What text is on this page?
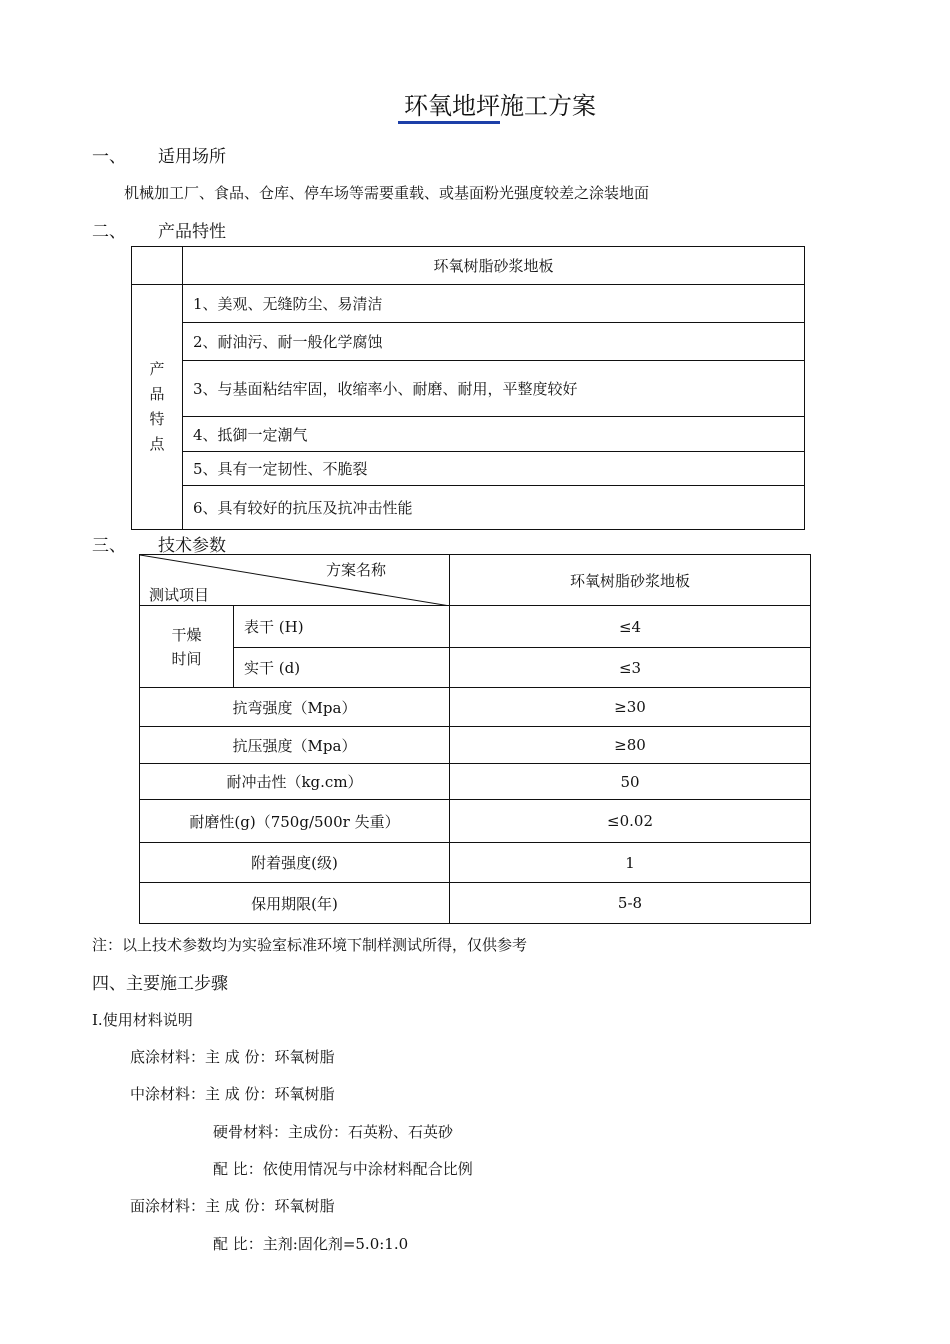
环氧地坪施工方案
一、 适用场所
机械加工厂、食品、仓库、停车场等需要重载、或基面粉光强度较差之涂装地面
二、 产品特性
	环氧树脂砂浆地板

产
品
特
点	1、美观、无缝防尘、易清洁
	2、耐油污、耐一般化学腐蚀
	3、与基面粘结牢固，收缩率小、耐磨、耐用，平整度较好
	4、抵御一定潮气
	5、具有一定韧性、不脆裂
	6、具有较好的抗压及抗冲击性能
三、 技术参数
方案名称
测试项目		环氧树脂砂浆地板

干燥
时间	表干 (H)	≤4
	实干 (d)	≤3
抗弯强度（Mpa）		≥30
抗压强度（Mpa）		≥80
耐冲击性（kg.cm）		50
耐磨性(g)（750g/500r 失重）		≤0.02
附着强度(级)		1
保用期限(年)		5-8
注：以上技术参数均为实验室标准环境下制样测试所得，仅供参考
四、主要施工步骤
Ⅰ.使用材料说明
底涂材料：主 成 份：环氧树脂
中涂材料：主 成 份：环氧树脂
硬骨材料：主成份：石英粉、石英砂
配 比：依使用情况与中涂材料配合比例
面涂材料：主 成 份：环氧树脂
配 比：主剂:固化剂=5.0:1.0
